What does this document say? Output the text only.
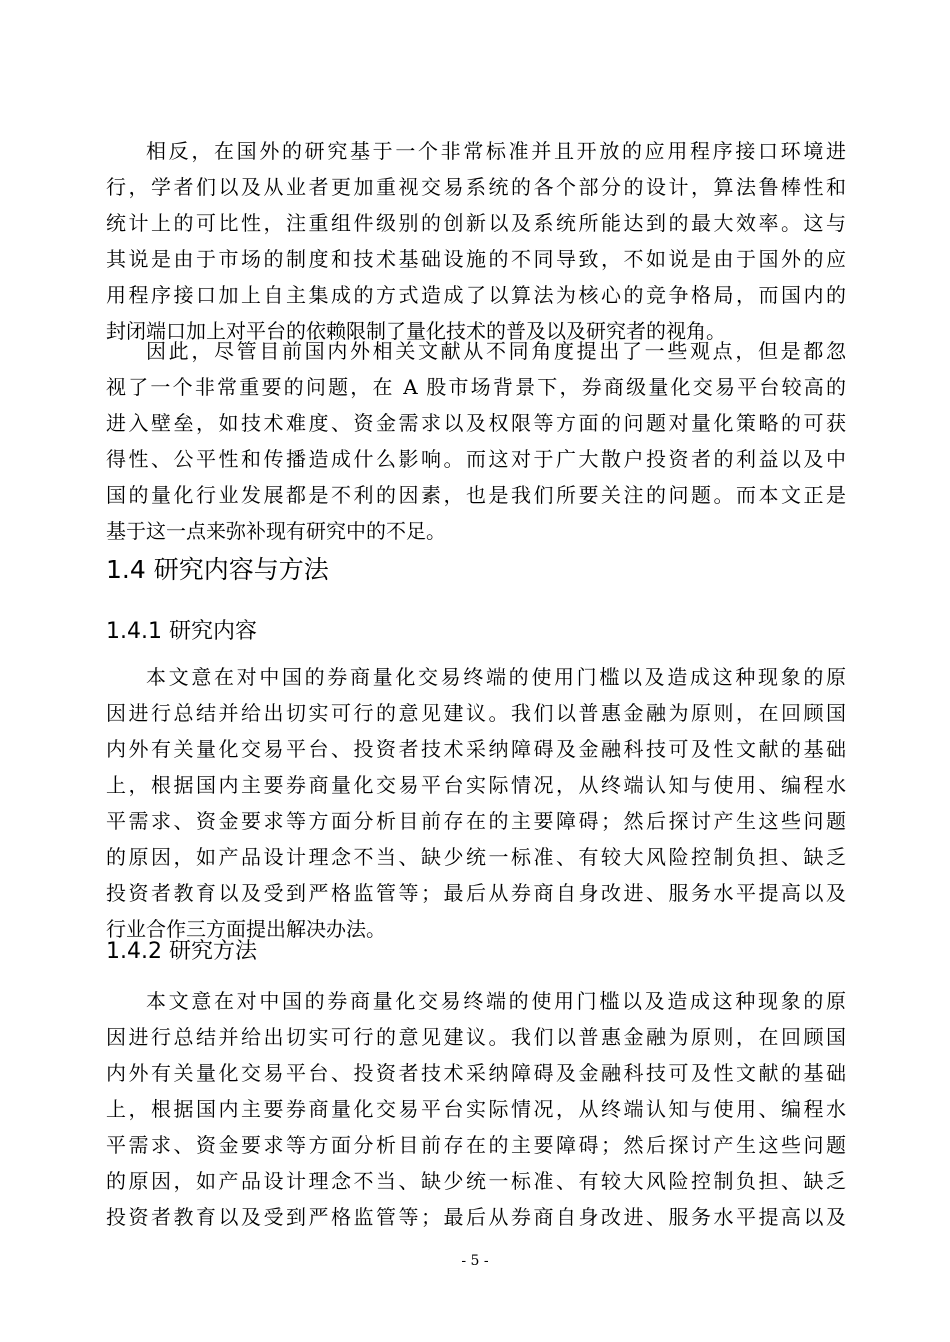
相反，在国外的研究基于一个非常标准并且开放的应用程序接口环境进
行，学者们以及从业者更加重视交易系统的各个部分的设计，算法鲁棒性和
统计上的可比性，注重组件级别的创新以及系统所能达到的最大效率。这与
其说是由于市场的制度和技术基础设施的不同导致，不如说是由于国外的应
用程序接口加上自主集成的方式造成了以算法为核心的竞争格局，而国内的
封闭端口加上对平台的依赖限制了量化技术的普及以及研究者的视角。
因此，尽管目前国内外相关文献从不同角度提出了一些观点，但是都忽
视了一个非常重要的问题，在 A 股市场背景下，券商级量化交易平台较高的
进入壁垒，如技术难度、资金需求以及权限等方面的问题对量化策略的可获
得性、公平性和传播造成什么影响。而这对于广大散户投资者的利益以及中
国的量化行业发展都是不利的因素，也是我们所要关注的问题。而本文正是
基于这一点来弥补现有研究中的不足。
1.4 研究内容与方法
1.4.1 研究内容
本文意在对中国的券商量化交易终端的使用门槛以及造成这种现象的原
因进行总结并给出切实可行的意见建议。我们以普惠金融为原则，在回顾国
内外有关量化交易平台、投资者技术采纳障碍及金融科技可及性文献的基础
上，根据国内主要券商量化交易平台实际情况，从终端认知与使用、编程水
平需求、资金要求等方面分析目前存在的主要障碍；然后探讨产生这些问题
的原因，如产品设计理念不当、缺少统一标准、有较大风险控制负担、缺乏
投资者教育以及受到严格监管等；最后从券商自身改进、服务水平提高以及
行业合作三方面提出解决办法。
1.4.2 研究方法
本文意在对中国的券商量化交易终端的使用门槛以及造成这种现象的原
因进行总结并给出切实可行的意见建议。我们以普惠金融为原则，在回顾国
内外有关量化交易平台、投资者技术采纳障碍及金融科技可及性文献的基础
上，根据国内主要券商量化交易平台实际情况，从终端认知与使用、编程水
平需求、资金要求等方面分析目前存在的主要障碍；然后探讨产生这些问题
的原因，如产品设计理念不当、缺少统一标准、有较大风险控制负担、缺乏
投资者教育以及受到严格监管等；最后从券商自身改进、服务水平提高以及
- 5 -
